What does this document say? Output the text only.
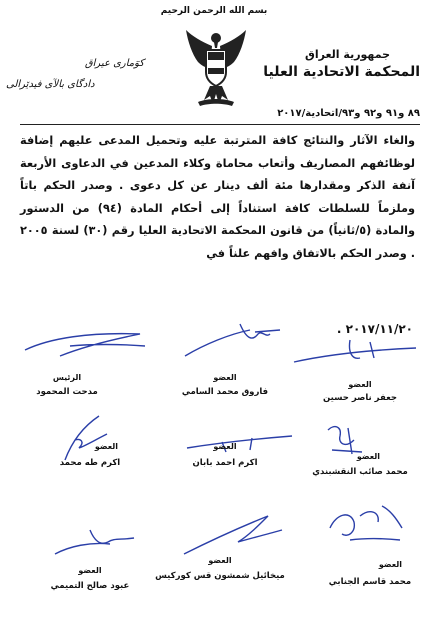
بسم الله الرحمن الرحيم
جمهورية العراق
المحكمة الاتحادية العليا
كوٓمارى عيراق
دادگاى بالآى فيدێرالى
٨٩ و٩١ و٩٢ و٩٣/اتحادية/٢٠١٧

والغاء الآثار والنتائج كافة المترتبة عليه وتحميل المدعى عليهم إضافة لوظائفهم المصاريف وأتعاب محاماة وكلاء المدعين في الدعاوى الأربعة آنفة الذكر ومقدارها مئة ألف دينار عن كل دعوى . وصدر الحكم باتاً وملزماً للسلطات كافة استناداً إلى أحكام المادة (٩٤) من الدستور والمادة (٥/ثانياً) من قانون المحكمة الاتحادية العليا رقم (٣٠) لسنة ٢٠٠٥ . وصدر الحكم بالاتفاق وافهم علناً في

٢٠١٧/١١/٢٠ .
الرئيس
مدحت المحمود
العضو
فاروق محمد السامي
العضو
جعفر ناصر حسين
العضو
اكرم طه محمد
العضو
اكرم احمد بابان
العضو
محمد صائب النقشبندي
العضو
عبود صالح التميمي
العضو
ميخائيل شمشون قس كوركيس
العضو
محمد قاسم الجنابي
